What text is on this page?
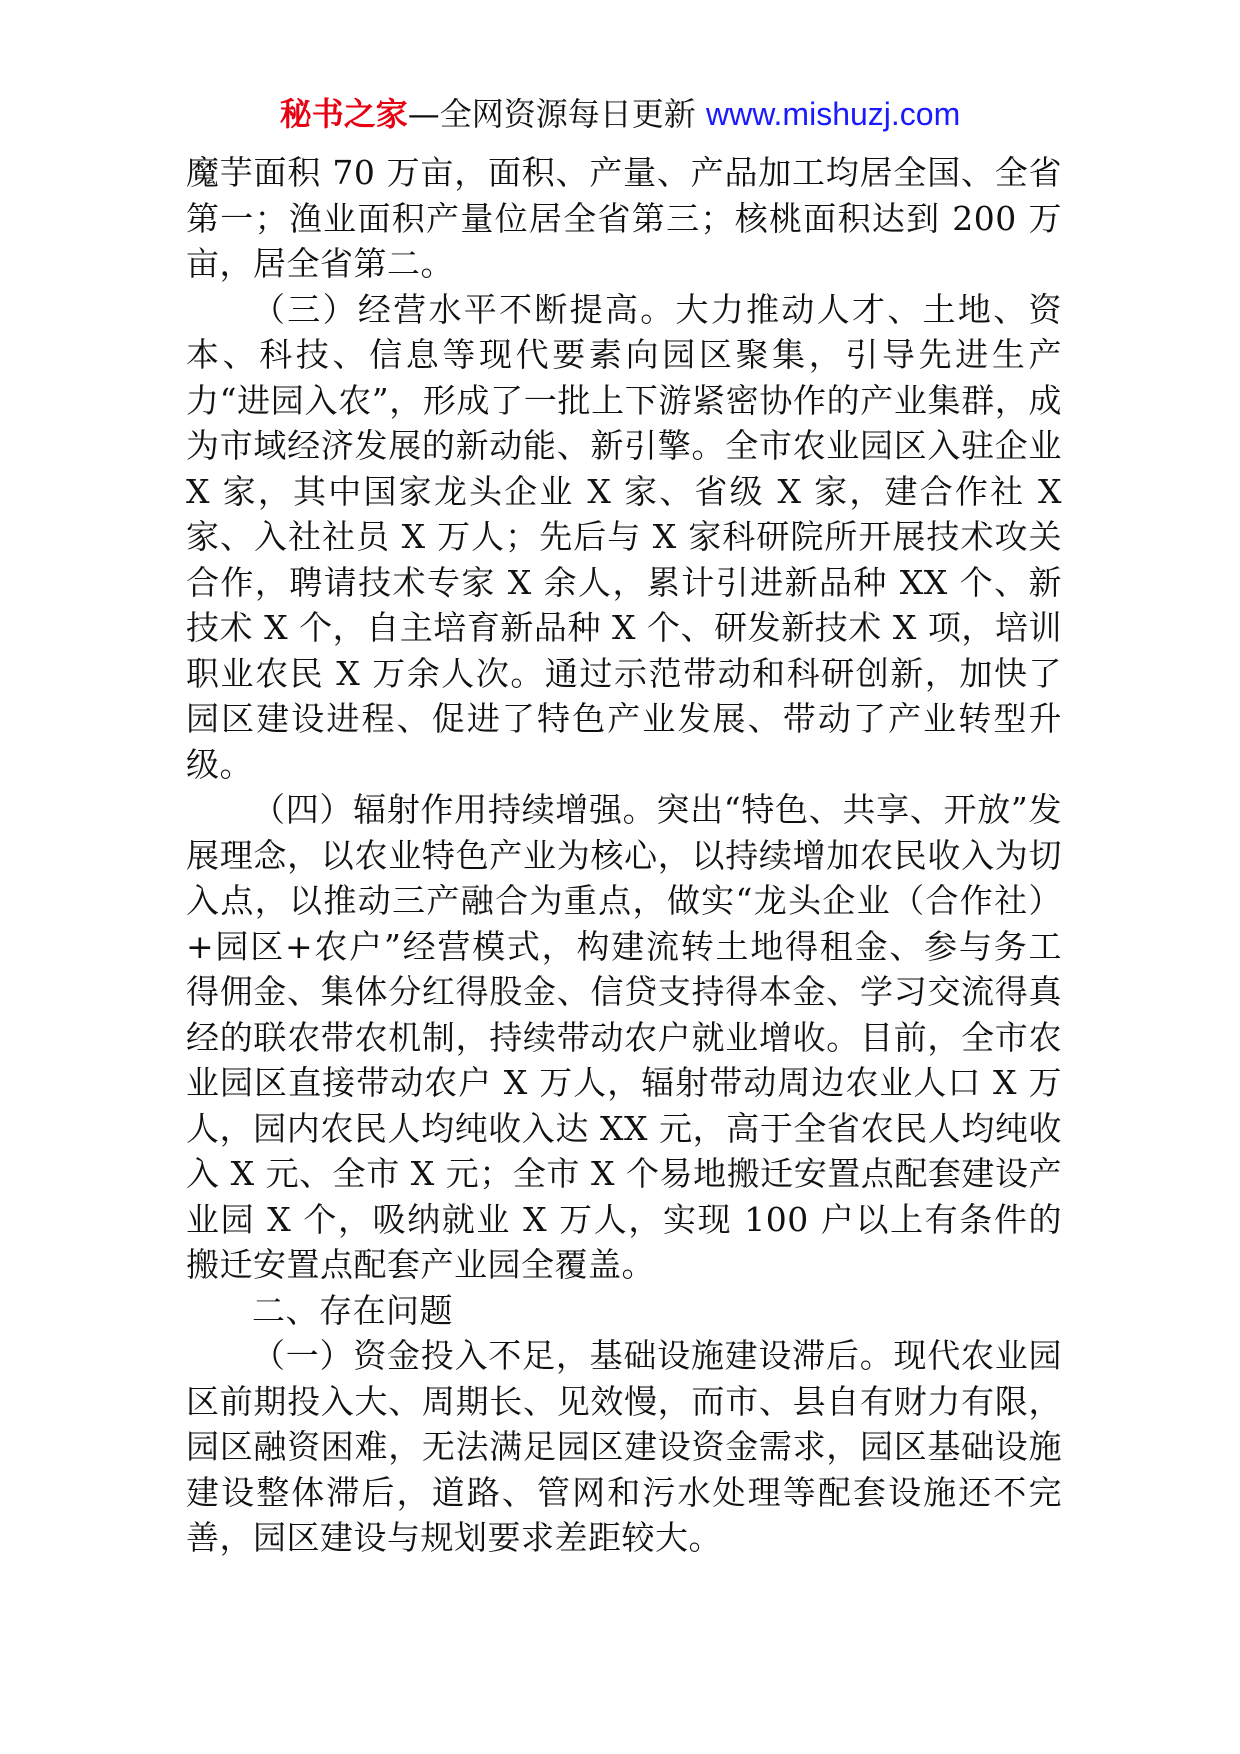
秘书之家—全网资源每日更新 www.mishuzj.com

魔芋面积 70 万亩，面积、产量、产品加工均居全国、全省第一；渔业面积产量位居全省第三；核桃面积达到 200 万亩，居全省第二。

（三）经营水平不断提高。大力推动人才、土地、资本、科技、信息等现代要素向园区聚集，引导先进生产力“进园入农”，形成了一批上下游紧密协作的产业集群，成为市域经济发展的新动能、新引擎。全市农业园区入驻企业 X 家，其中国家龙头企业 X 家、省级 X 家，建合作社 X 家、入社社员 X 万人；先后与 X 家科研院所开展技术攻关合作，聘请技术专家 X 余人，累计引进新品种 XX 个、新技术 X 个，自主培育新品种 X 个、研发新技术 X 项，培训职业农民 X 万余人次。通过示范带动和科研创新，加快了园区建设进程、促进了特色产业发展、带动了产业转型升级。

（四）辐射作用持续增强。突出“特色、共享、开放”发展理念，以农业特色产业为核心，以持续增加农民收入为切入点，以推动三产融合为重点，做实“龙头企业（合作社）+园区+农户”经营模式，构建流转土地得租金、参与务工得佣金、集体分红得股金、信贷支持得本金、学习交流得真经的联农带农机制，持续带动农户就业增收。目前，全市农业园区直接带动农户 X 万人，辐射带动周边农业人口 X 万人，园内农民人均纯收入达 XX 元，高于全省农民人均纯收入 X 元、全市 X 元；全市 X 个易地搬迁安置点配套建设产业园 X 个，吸纳就业 X 万人，实现 100 户以上有条件的搬迁安置点配套产业园全覆盖。

二、存在问题

（一）资金投入不足，基础设施建设滞后。现代农业园区前期投入大、周期长、见效慢，而市、县自有财力有限，园区融资困难，无法满足园区建设资金需求，园区基础设施建设整体滞后，道路、管网和污水处理等配套设施还不完善，园区建设与规划要求差距较大。
